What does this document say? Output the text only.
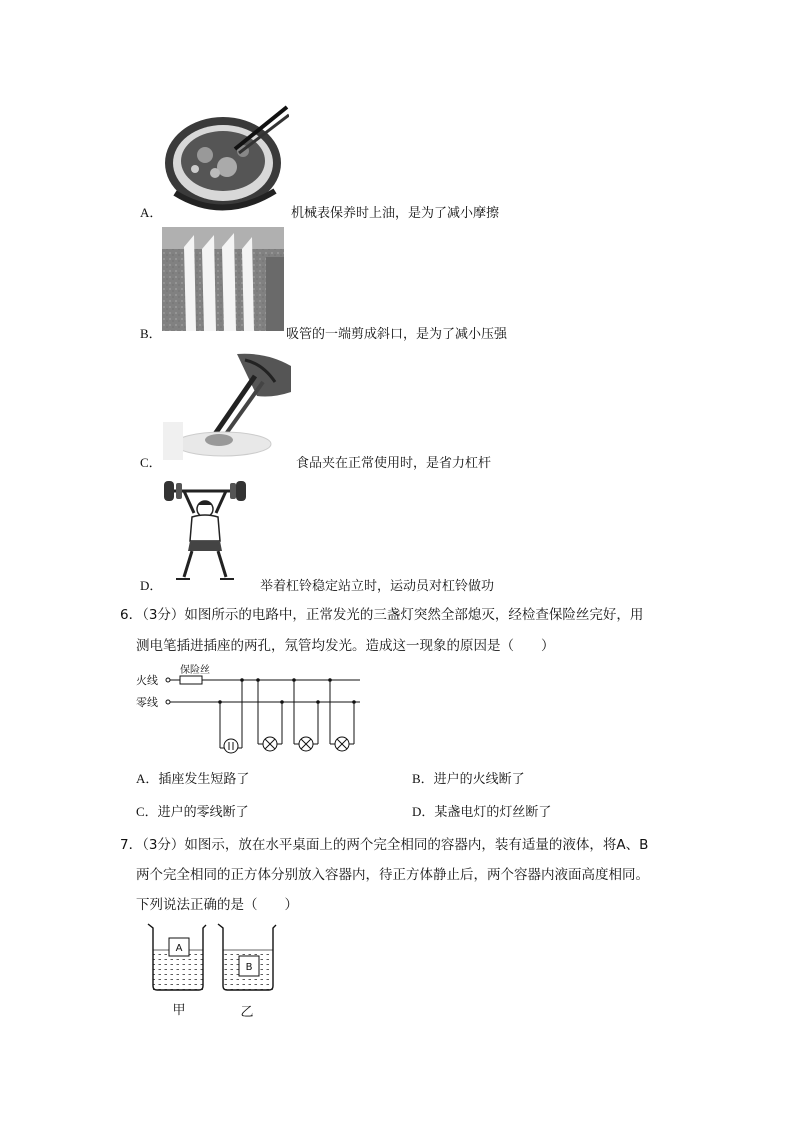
A．	机械表保养时上油，是为了减小摩擦
B．	吸管的一端剪成斜口，是为了减小压强
C．	食品夹在正常使用时，是省力杠杆
D．	举着杠铃稳定站立时，运动员对杠铃做功
6．（3分）如图所示的电路中，正常发光的三盏灯突然全部熄灭，经检查保险丝完好，用
测电笔插进插座的两孔，氖管均发光。造成这一现象的原因是（　　）
火线
保险丝
零线
A．插座发生短路了	B．进户的火线断了
C．进户的零线断了	D．某盏电灯的灯丝断了
7．（3分）如图示，放在水平桌面上的两个完全相同的容器内，装有适量的液体，将A、B
两个完全相同的正方体分别放入容器内，待正方体静止后，两个容器内液面高度相同。
下列说法正确的是（　　）
A
甲
B
乙
